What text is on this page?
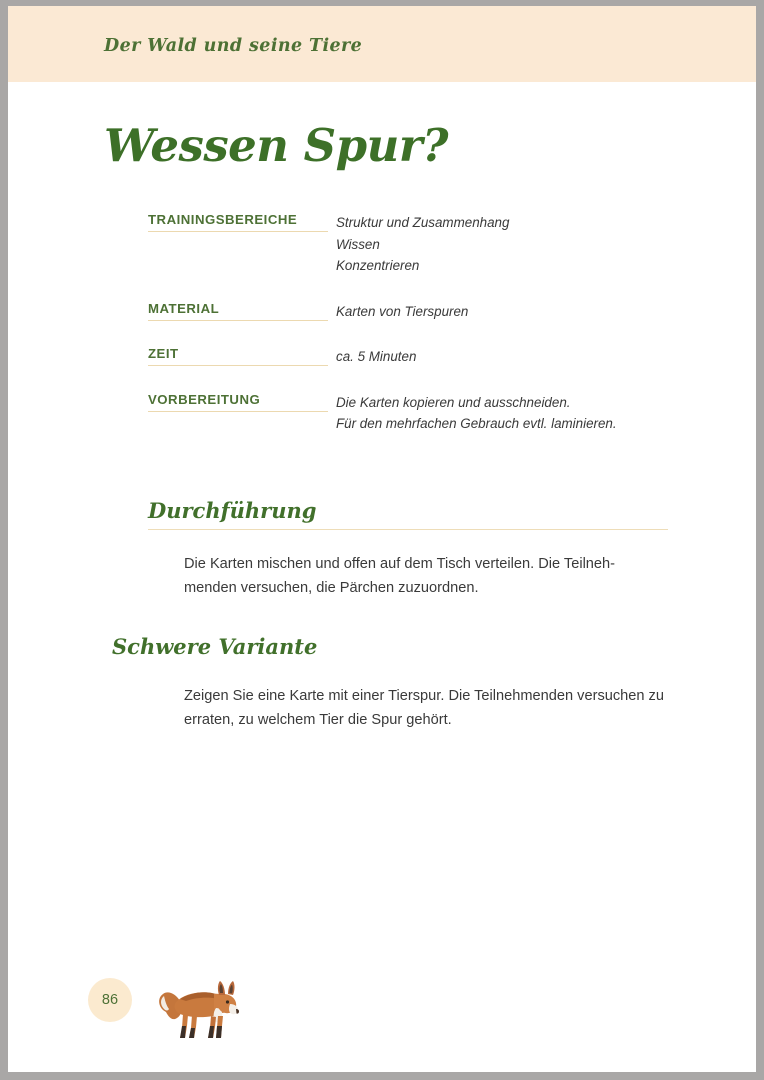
Der Wald und seine Tiere
Wessen Spur?
TRAININGSBEREICHE	Struktur und Zusammenhang
Wissen
Konzentrieren
MATERIAL	Karten von Tierspuren
ZEIT	ca. 5 Minuten
VORBEREITUNG	Die Karten kopieren und ausschneiden.
Für den mehrfachen Gebrauch evtl. laminieren.
Durchführung
Die Karten mischen und offen auf dem Tisch verteilen. Die Teilnehmenden versuchen, die Pärchen zuzuordnen.
Schwere Variante
Zeigen Sie eine Karte mit einer Tierspur. Die Teilnehmenden versuchen zu erraten, zu welchem Tier die Spur gehört.
86
